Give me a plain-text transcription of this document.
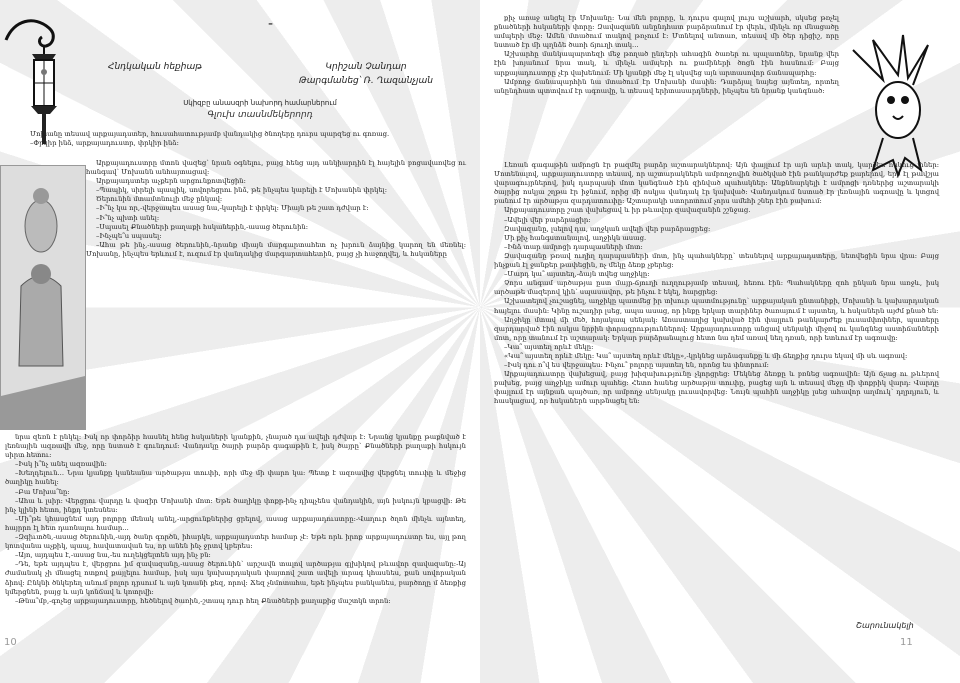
-
Հնդկական հեքիաթ	Կրիշան Չանդար
Թարգմանեց՝ Ռ. Ղազանչյան
Սկիզբը անասզրի նախորդ համարներում
Գլուխ տասնմեկերորդ

Մոխանը տեսավ արքայադստեր, հուսահատությամբ վանդակից ծնողերը դուրս պարզեց ու գոռաց.

–Փրկիր ինձ, արքայադուստր, փրկիր ինձ:

Արքայադուստրը մտոն վազեց՝ նրան օգնելու, բայց հենց այդ անկիարդին էլ հայելին բոցավառվեց ու հանգավ՝ Մոխանն անհայտացավ:

Արքայադստեր աչքերն արցունքոտվեցին:

–Պապիկ, սիրելի պապիկ, սովորեցրու ինձ, թե ինչպես կարելի է Մոխանին փրկել:

Ծերունին մտամտնուլի մեջ ընկավ:

–Ի՞նչ կա որ,-վերջապես ասաց նա,-կարելի է փրկել: Միայն թե շատ դժվար է:

–Ի՞նչ պիտի անել:

–Սպասել Քնածների քաղաքի հսկաներին,-ասաց ծերունին:

–Ինչպե՞ս սպասել:

–Ահա թե ինչ,-ասաց ծերունին,-նրանք միայն մարգարտահետ ոչ խրուն ձայնից կարող են մեռնել: Մոխանը, ինչպես երևում է, ուզում էր վանդակից մարգարտահետին, բայց չի հաջողվել, և հսկաները

նրա զեռն է ընկել: Իսկ որ փորձիր հասնել հենց հսկաների կյանքին, չնայած դա ավելի դժվար է: Նրանց կյանքը թաքնված է լեռնային ազռավի մեջ, որը նստած է գունդում: Վանդակը ծայրի բարձր գագաթին է, իսկ ծայրը՝ Քնածների քաղաքի հսկույն սիրտ հետու:

–Իսկ ի՞նչ անել ազռավին:

–Խեղդելուն... Նրա կյանքը կանեանա արծաթյա տուփի, որի մեջ մի փարո կա: Պետք է ազռավից վերցնել տուփը և մեջից ծաղիկը հանել:

–Բա Մոխա՞նը:

–Ահա և լսիր: Վերցրու վարդը և վազիր Մոխանի մոտ: Եթե ծաղիկը փոքր-ինչ դիպչենս վանդակին, այն իսկույն կբացվի: Թե ինչ կլինի հետո, ինքդ կտեսնես:

–Մի՞թե կհասցնեմ այդ բոլորը մենակ անել,-արցունքներից ցրելով, ասաց արքայադուստրը:-Վաղուր ծղոն մինչև այնտեղ, հայրրո էլ հետ դառնալու համար...

–Զգիւտծն,-ասաց ծերունին,-այդ ծանր գործն, իհարկե, արքայադստեր համար չէ: Եթե որև իրոք արքայադուստր ես, այլ թող կոտվանա աչքիկ, պապ, հավատավան ես, որ անեն ինչ ջրտվ կբերես:

–Այո, այդպես է,-ասաց նա,-ես ուղեկցելտեն այդ ինչ բն:

–Դե, եթե այդպես է, վերցրու իմ զավազանը,-ասաց ծերունին՝ արշավն տալով արծաթյա գլխիկով թևավոր զավազանը:-Այ ժամանակ չի մնացել ոտքով քայլելու համար, իսկ այս կախարդական փայտով շատ ավելի արագ կհասնես, քան սովորական ձիով: Ընկնի ծնկերեղ անում բոլոր դրսում և այն կտանի քեզ, որով: Ճեզ չնմոտահա, եթե ինչպես բանկանես, բարծողը մ ձեռքից կմերցնեն, բայց և այն կոնճավ և կոտրվի:

–Թնա՞մբ,-գոչեց արքայադուստրը, հեծնելով ծառին,-շտապ դուր հեղ Քնածների քաղաքից մաշտկն տրոն:

10

քիչ առաջ անցել էր Մոխանը: Նա մեն բոլորը, և դուրս գալով լույս աշխարհ, սկսեց թռչել քնածների հսկաների փորը: Զավազանն անընդհատ բարձրանում էր վերև, մինչև որ մնացածը ամպերի մեջ: Ամեն մտածում տակով թռչում է: Մտնելով անտառ, տեսավ մի ծեր դիցիշ, որը նստած էր մի պղնձե ծառի ճյուղի տակ...

Աշխարհը մանկապարտեզի մեջ թողած ընդերի ահագին ծառեր ու պալատներ, նրանք վեր էին խոյանում նրա տակ, և մինչև ամպերի ու քամիների ծոցն էին հասնում: Բայց արքայադուստրը չէր վախենում: Մի կյանքի մեջ էլ սկսվեց այն արտասովոր ճանապարհը:

Ամբողջ ճանապարհին նա մտածում էր Մոխանի մասին: Դարձյալ նայեց այնտեղ, որտեղ անընդհատ պտտվում էր ագռավը, և տեսավ երիտասարդների, ինչպես են նրանք կանգնած:

Լեռան գագաթին ամրոցն էր բազմել բարձր աշտարակներով: Այն փայլում էր այն արևի տակ, կարծես ոսկուց լիներ: Մոտենալով, արքայադուստրը տեսավ, որ աշտարակներն ամբողջովին ծածկված էին թանկարժեք քարերով, երբ էլ թավշյա վարագույրներով, իսկ դարպասի մոտ կանգնած էին զինված պահակներ: Անքննարկելի է ամրոցի դռներից աշտարակի ծայրից ոսկյա շղթա էր իջնում, որից մի ոսկյա վանդակ էր կախված: Վանդակում նստած էր լեռնային ագռավը և կտցով բանում էր արծաթյա զարդատուփը: Աշտարակի ստորոտում չորս ամեհի շներ էին բախում:

Արքայադուստրը շատ վախեցավ և իր թևավոր զավազանին շշնջաց.

–Ավելի վեր բարձրացիր:

Զավազանը, լսելով դա, աղջկան ավելի վեր բարձրացրեց:

Մի քիչ հանգստանալով, աղջիկն ասաց.

–Ինձ տար ամրոցի դարպասների մոտ:

Զավազանը թռավ ուղիղ դարպասների մոտ, ինչ պահակները՝ տեսնելով արքայադստերը, նետվեցին նրա վրա: Բայց ինչքան էլ ջանքեր թափեցին, ոչ մեկը ձեռք չբերեց:

–Մարդ կա՞ այստեղ,-ձայն տվեց աղջիկը:

Չորս անգամ արծաթյա ըստ մայր-ճյուղի ուղղությամբ տեսավ, հեռու էին: Պահակները զոհ ընկան նրա առջև, իսկ արծաթե մազերով կին՝ սպասավոր, թե ինչու է եկել, հարցրեց:

Աշխատելով չուշացնել, աղջիկը պատմեց իր տխուր պատմությունը՝ արքայական ընտանիքի, Մոխանի և կախարդական հայելու մասին: Կինը ուշադիր լսեց, ապա ասաց, որ ինքը երկար տարիներ ծառայում է այստեղ, և հսկաներն այժմ քնած են:

Աղջիկը մտավ մի մեծ, հոյակապ սենյակ: Առաստաղից կախված էին փայլուն թանկարժեք լուսամփոփներ, պատերը զարդարված էին ոսկյա նրբին փորագրություններով: Արքայադուստրը անցավ սենյակի միջով ու կանգնեց աստիճանների մոտ, որը տանում էր աշտարակ: Երկար բարձրանալուց հետո նա դեմ առավ նեղ դռան, որի ետևում էր ագռավը:

–Կա՞ այստեղ որևէ մեկը:

«Կա՞ այստեղ որևէ մեկը: Կա՞ այստեղ որևէ մեկը»,-կրկնեց արձագանքը և մի ճեղքից դուրս եկավ մի սև ագռավ:

–Իսկ դու ո՞վ ես վերջապես: Ինչու՞ բոլորը այստեղ են, որոնց ես փնտրում:

Արքայադուստրը վախեցավ, բայց խիզախությունը չկորցրեց: Մեկնեց ձեռքը և բռնեց ագռավին: Այն ճչաց ու թևերով բախեց, բայց աղջիկը ամուր պահեց: Հետո հանեց արծաթյա տուփը, բացեց այն և տեսավ մեջը մի փոքրիկ վարդ: Վարդը փայլում էր այնքան պայծառ, որ ամբողջ սենյակը լուսավորվեց: Նույն պահին աղջիկը լսեց ահավոր աղմուկ՝ դղրդյուն, և հասկացավ, որ հսկաներն արթնացել են:

Շարունակելի
11
